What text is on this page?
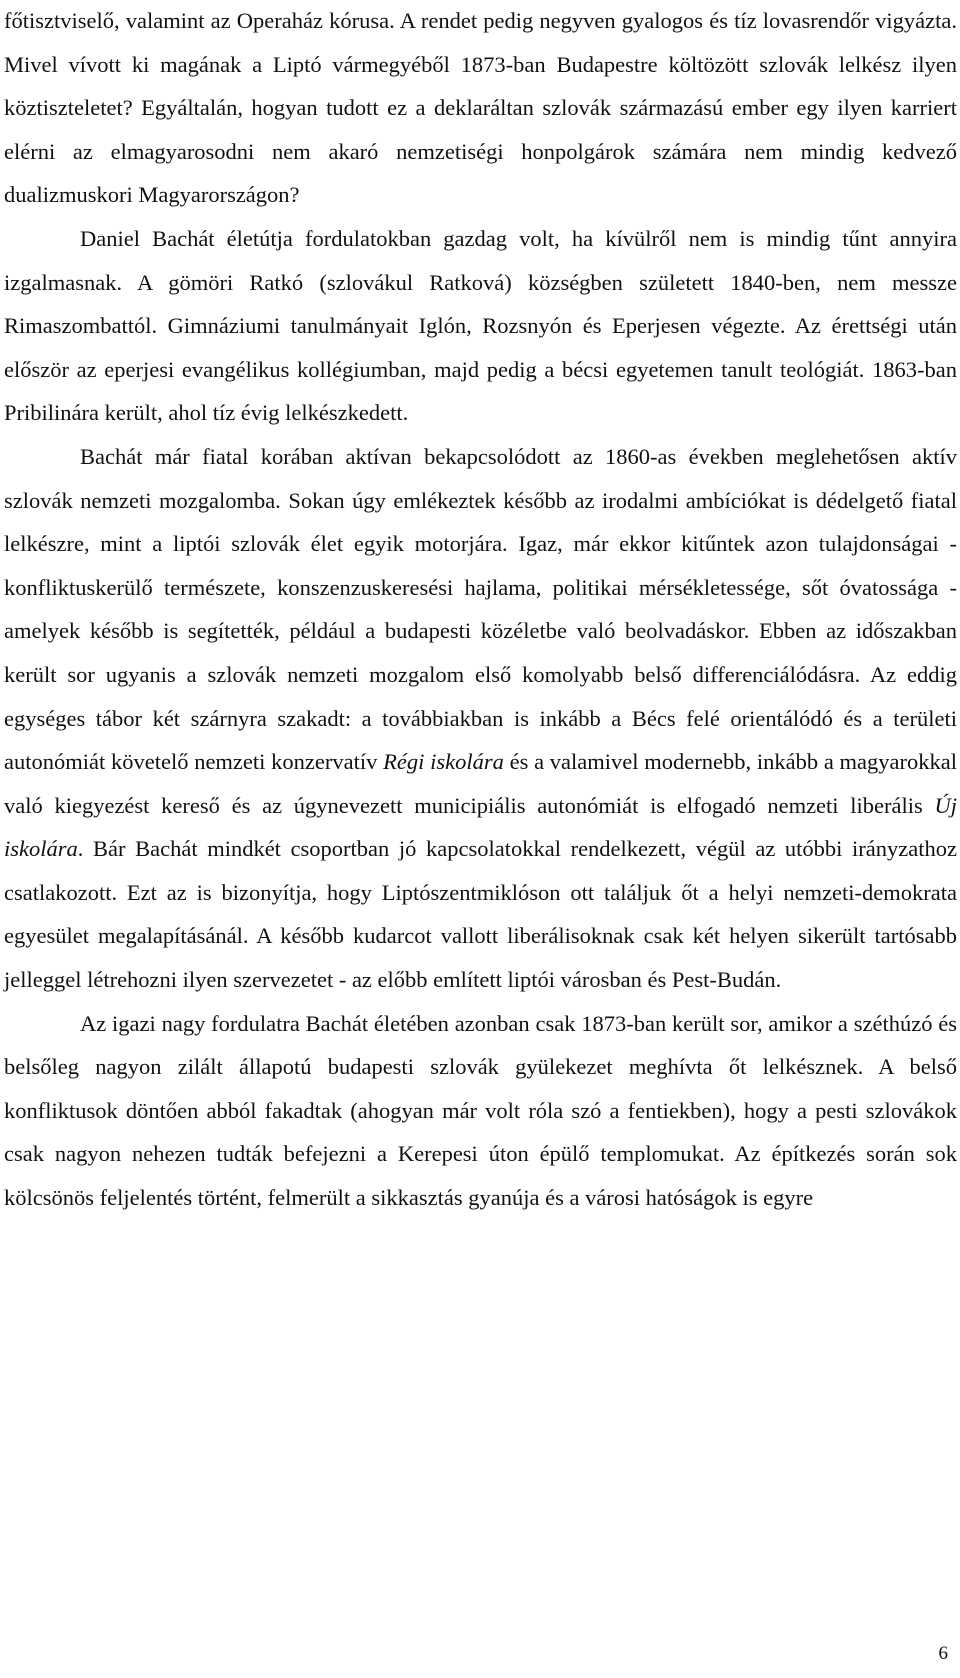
főtisztviselő, valamint az Operaház kórusa. A rendet pedig negyven gyalogos és tíz lovasrendőr vigyázta. Mivel vívott ki magának a Liptó vármegyéből 1873-ban Budapestre költözött szlovák lelkész ilyen köztiszteletet? Egyáltalán, hogyan tudott ez a deklaráltan szlovák származású ember egy ilyen karriert elérni az elmagyarosodni nem akaró nemzetiségi honpolgárok számára nem mindig kedvező dualizmuskori Magyarországon?

Daniel Bachát életútja fordulatokban gazdag volt, ha kívülről nem is mindig tűnt annyira izgalmasnak. A gömöri Ratkó (szlovákul Ratková) községben született 1840-ben, nem messze Rimaszombattól. Gimnáziumi tanulmányait Iglón, Rozsnyón és Eperjesen végezte. Az érettségi után először az eperjesi evangélikus kollégiumban, majd pedig a bécsi egyetemen tanult teológiát. 1863-ban Pribilinára került, ahol tíz évig lelkészkedett.

Bachát már fiatal korában aktívan bekapcsolódott az 1860-as években meglehetősen aktív szlovák nemzeti mozgalomba. Sokan úgy emlékeztek később az irodalmi ambíciókat is dédelgető fiatal lelkészre, mint a liptói szlovák élet egyik motorjára. Igaz, már ekkor kitűntek azon tulajdonságai - konfliktuskerülő természete, konszenzuskeresési hajlama, politikai mérsékletessége, sőt óvatossága - amelyek később is segítették, például a budapesti közéletbe való beolvadáskor. Ebben az időszakban került sor ugyanis a szlovák nemzeti mozgalom első komolyabb belső differenciálódásra. Az eddig egységes tábor két szárnyra szakadt: a továbbiakban is inkább a Bécs felé orientálódó és a területi autonómiát követelő nemzeti konzervatív Régi iskolára és a valamivel modernebb, inkább a magyarokkal való kiegyezést kereső és az úgynevezett municipiális autonómiát is elfogadó nemzeti liberális Új iskolára. Bár Bachát mindkét csoportban jó kapcsolatokkal rendelkezett, végül az utóbbi irányzathoz csatlakozott. Ezt az is bizonyítja, hogy Liptószentmiklóson ott találjuk őt a helyi nemzeti-demokrata egyesület megalapításánál. A később kudarcot vallott liberálisoknak csak két helyen sikerült tartósabb jelleggel létrehozni ilyen szervezetet - az előbb említett liptói városban és Pest-Budán.

Az igazi nagy fordulatra Bachát életében azonban csak 1873-ban került sor, amikor a széthúzó és belsőleg nagyon zilált állapotú budapesti szlovák gyülekezet meghívta őt lelkésznek. A belső konfliktusok döntően abból fakadtak (ahogyan már volt róla szó a fentiekben), hogy a pesti szlovákok csak nagyon nehezen tudták befejezni a Kerepesi úton épülő templomukat. Az építkezés során sok kölcsönös feljelentés történt, felmerült a sikkasztás gyanúja és a városi hatóságok is egyre

6
